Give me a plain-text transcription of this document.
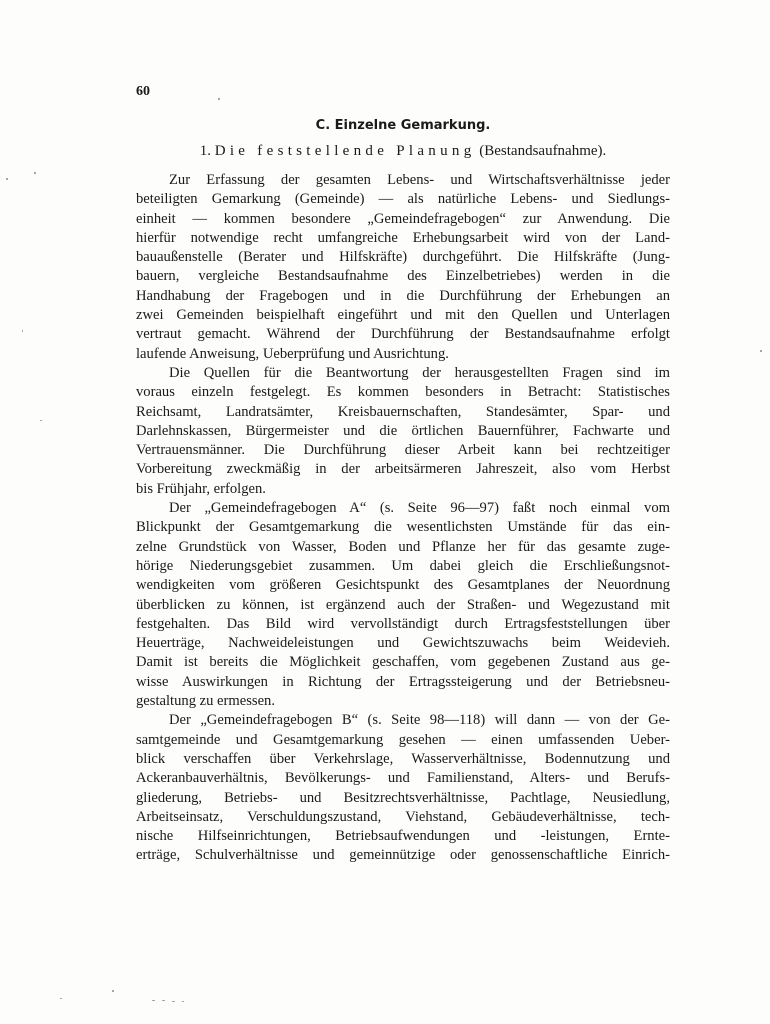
60

C. Einzelne Gemarkung.

1. Die feststellende Planung (Bestandsaufnahme).

Zur Erfassung der gesamten Lebens- und Wirtschaftsverhältnisse jeder
beteiligten Gemarkung (Gemeinde) — als natürliche Lebens- und Siedlungs-
einheit — kommen besondere „Gemeindefragebogen“ zur Anwendung. Die
hierfür notwendige recht umfangreiche Erhebungsarbeit wird von der Land-
bauaußenstelle (Berater und Hilfskräfte) durchgeführt. Die Hilfskräfte (Jung-
bauern, vergleiche Bestandsaufnahme des Einzelbetriebes) werden in die
Handhabung der Fragebogen und in die Durchführung der Erhebungen an
zwei Gemeinden beispielhaft eingeführt und mit den Quellen und Unterlagen
vertraut gemacht. Während der Durchführung der Bestandsaufnahme erfolgt
laufende Anweisung, Ueberprüfung und Ausrichtung.
Die Quellen für die Beantwortung der herausgestellten Fragen sind im
voraus einzeln festgelegt. Es kommen besonders in Betracht: Statistisches
Reichsamt, Landratsämter, Kreisbauernschaften, Standesämter, Spar- und
Darlehnskassen, Bürgermeister und die örtlichen Bauernführer, Fachwarte und
Vertrauensmänner. Die Durchführung dieser Arbeit kann bei rechtzeitiger
Vorbereitung zweckmäßig in der arbeitsärmeren Jahreszeit, also vom Herbst
bis Frühjahr, erfolgen.
Der „Gemeindefragebogen A“ (s. Seite 96—97) faßt noch einmal vom
Blickpunkt der Gesamtgemarkung die wesentlichsten Umstände für das ein-
zelne Grundstück von Wasser, Boden und Pflanze her für das gesamte zuge-
hörige Niederungsgebiet zusammen. Um dabei gleich die Erschließungsnot-
wendigkeiten vom größeren Gesichtspunkt des Gesamtplanes der Neuordnung
überblicken zu können, ist ergänzend auch der Straßen- und Wegezustand mit
festgehalten. Das Bild wird vervollständigt durch Ertragsfeststellungen über
Heuerträge, Nachweideleistungen und Gewichtszuwachs beim Weidevieh.
Damit ist bereits die Möglichkeit geschaffen, vom gegebenen Zustand aus ge-
wisse Auswirkungen in Richtung der Ertragssteigerung und der Betriebsneu-
gestaltung zu ermessen.
Der „Gemeindefragebogen B“ (s. Seite 98—118) will dann — von der Ge-
samtgemeinde und Gesamtgemarkung gesehen — einen umfassenden Ueber-
blick verschaffen über Verkehrslage, Wasserverhältnisse, Bodennutzung und
Ackeranbauverhältnis, Bevölkerungs- und Familienstand, Alters- und Berufs-
gliederung, Betriebs- und Besitzrechtsverhältnisse, Pachtlage, Neusiedlung,
Arbeitseinsatz, Verschuldungszustand, Viehstand, Gebäudeverhältnisse, tech-
nische Hilfseinrichtungen, Betriebsaufwendungen und -leistungen, Ernte-
erträge, Schulverhältnisse und gemeinnützige oder genossenschaftliche Einrich-
